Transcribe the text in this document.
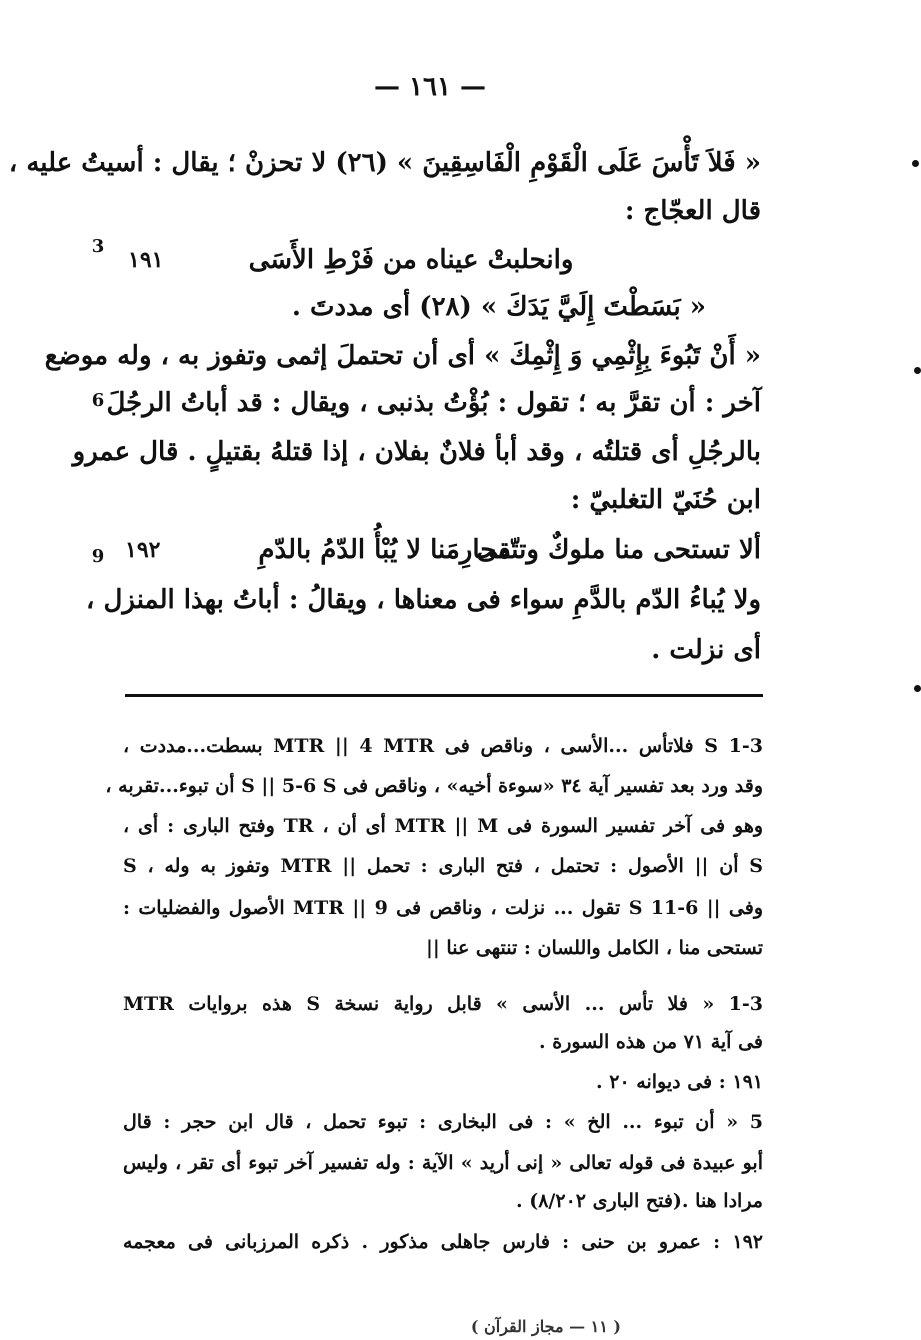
— ١٦١ —
« فَلاَ تَأْسَ عَلَى الْقَوْمِ الْفَاسِقِينَ » (٢٦) لا تحزنْ ؛ يقال : أسيتُ عليه ،
قال العجّاج :
وانحلبتْ عيناه من فَرْطِ الأَسَى
١٩١
« بَسَطْتَ إِلَيَّ يَدَكَ » (٢٨) أى مددتَ .
« أَنْ تَبُوءَ بِإِثْمِي وَ إِثْمِكَ » أى أن تحتملَ إثمى وتفوز به ، وله موضع
آخر : أن تقرَّ به ؛ تقول : بُؤْتُ بذنبى ، ويقال : قد أباتُ الرجُلَ
بالرجُلِ أى قتلتُه ، وقد أبأ فلانٌ بفلان ، إذا قتلهُ بقتيلٍ . قال عمرو
ابن حُنَيّ التغلبيّ :
ألا تستحى منا ملوكٌ وتتّقى
محارِمَنا لا يُبْأُ الدّمُ بالدّمِ
١٩٢
ولا يُباءُ الدّم بالدَّمِ سواء فى معناها ، ويقالُ : أباتُ بهذا المنزل ،
أى نزلت .
3
6
9
1-3 S فلاتأس ...الأسى ، وناقص فى MTR || 4 MTR بسطت...مددت ،
وقد ورد بعد تفسير آية ٣٤ «سوءة أخيه» ، وناقص فى S || 5-6 S أن تبوء...تقربه ،
وهو فى آخر تفسير السورة فى MTR || M أى أن ، TR وفتح البارى : أى ،
S أن || الأصول : تحتمل ، فتح البارى : تحمل || MTR وتفوز به وله ، S
وفى || S 11-6 تقول ... نزلت ، وناقص فى MTR || 9 الأصول والفضليات :
تستحى منا ، الكامل واللسان : تنتهى عنا ||
1-3 « فلا تأس ... الأسى » قابل رواية نسخة S هذه بروايات MTR
فى آية ٧١ من هذه السورة .
١٩١ : فى ديوانه ٢٠ .
5 « أن تبوء ... الخ » : فى البخارى : تبوء تحمل ، قال ابن حجر : قال
أبو عبيدة فى قوله تعالى « إنى أريد » الآية : وله تفسير آخر تبوء أى تقر ، وليس
مرادا هنا .(فتح البارى ٨/٢٠٢) .
١٩٢ : عمرو بن حنى : فارس جاهلى مذكور . ذكره المرزبانى فى معجمه
( ١١ — مجاز القرآن )
